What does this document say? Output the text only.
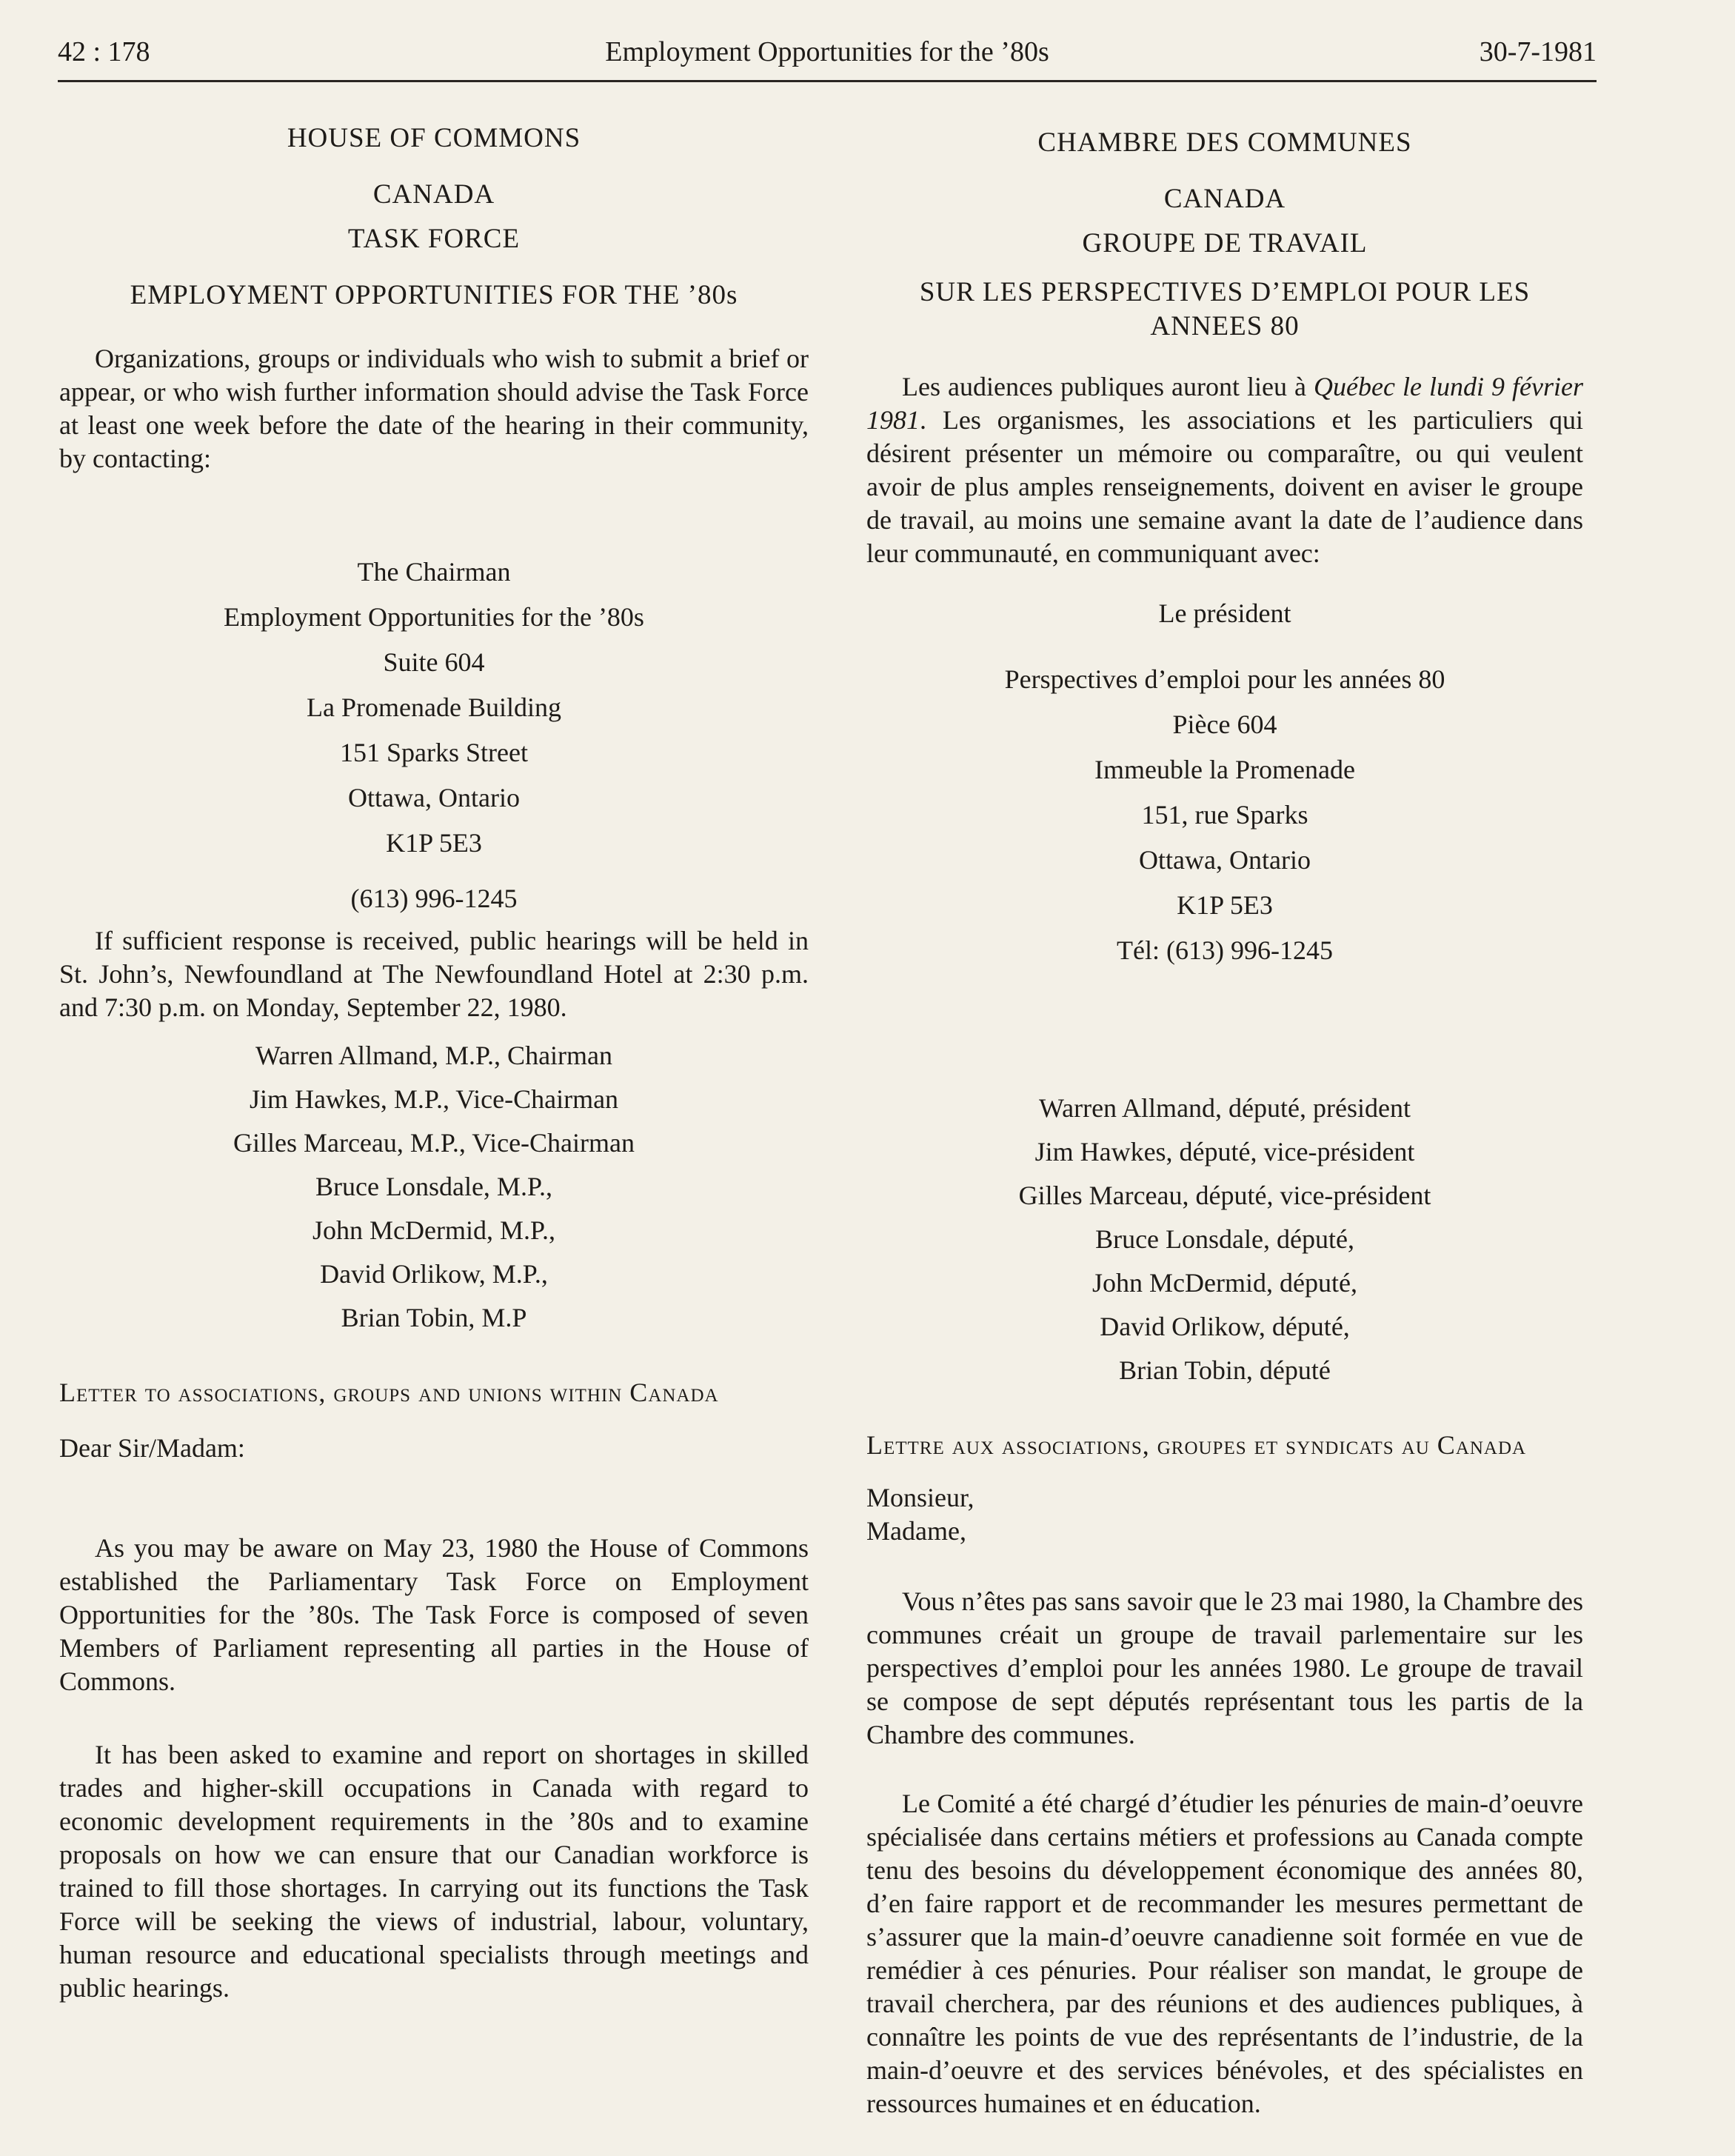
42 : 178	Employment Opportunities for the ’80s	30-7-1981

HOUSE OF COMMONS

CANADA

TASK FORCE

EMPLOYMENT OPPORTUNITIES FOR THE ’80s

Organizations, groups or individuals who wish to submit a brief or appear, or who wish further information should advise the Task Force at least one week before the date of the hearing in their community, by contacting:

The Chairman

Employment Opportunities for the ’80s

Suite 604

La Promenade Building

151 Sparks Street

Ottawa, Ontario

K1P 5E3

(613) 996-1245

If sufficient response is received, public hearings will be held in St. John’s, Newfoundland at The Newfoundland Hotel at 2:30 p.m. and 7:30 p.m. on Monday, September 22, 1980.

Warren Allmand, M.P., Chairman

Jim Hawkes, M.P., Vice-Chairman

Gilles Marceau, M.P., Vice-Chairman

Bruce Lonsdale, M.P.,

John McDermid, M.P.,

David Orlikow, M.P.,

Brian Tobin, M.P

Letter to associations, groups and unions within Canada

Dear Sir/Madam:

As you may be aware on May 23, 1980 the House of Commons established the Parliamentary Task Force on Employment Opportunities for the ’80s. The Task Force is composed of seven Members of Parliament representing all parties in the House of Commons.

It has been asked to examine and report on shortages in skilled trades and higher-skill occupations in Canada with regard to economic development requirements in the ’80s and to examine proposals on how we can ensure that our Canadian workforce is trained to fill those shortages. In carrying out its functions the Task Force will be seeking the views of industrial, labour, voluntary, human resource and educational specialists through meetings and public hearings.

CHAMBRE DES COMMUNES

CANADA

GROUPE DE TRAVAIL

SUR LES PERSPECTIVES D’EMPLOI POUR LES ANNEES 80

Les audiences publiques auront lieu à Québec le lundi 9 février 1981. Les organismes, les associations et les particuliers qui désirent présenter un mémoire ou comparaître, ou qui veulent avoir de plus amples renseignements, doivent en aviser le groupe de travail, au moins une semaine avant la date de l’audience dans leur communauté, en communiquant avec:

Le président

Perspectives d’emploi pour les années 80

Pièce 604

Immeuble la Promenade

151, rue Sparks

Ottawa, Ontario

K1P 5E3

Tél: (613) 996-1245

Warren Allmand, député, président

Jim Hawkes, député, vice-président

Gilles Marceau, député, vice-président

Bruce Lonsdale, député,

John McDermid, député,

David Orlikow, député,

Brian Tobin, député

Lettre aux associations, groupes et syndicats au Canada

Monsieur,

Madame,

Vous n’êtes pas sans savoir que le 23 mai 1980, la Chambre des communes créait un groupe de travail parlementaire sur les perspectives d’emploi pour les années 1980. Le groupe de travail se compose de sept députés représentant tous les partis de la Chambre des communes.

Le Comité a été chargé d’étudier les pénuries de main-d’oeuvre spécialisée dans certains métiers et professions au Canada compte tenu des besoins du développement économique des années 80, d’en faire rapport et de recommander les mesures permettant de s’assurer que la main-d’oeuvre canadienne soit formée en vue de remédier à ces pénuries. Pour réaliser son mandat, le groupe de travail cherchera, par des réunions et des audiences publiques, à connaître les points de vue des représentants de l’industrie, de la main-d’oeuvre et des services bénévoles, et des spécialistes en ressources humaines et en éducation.
